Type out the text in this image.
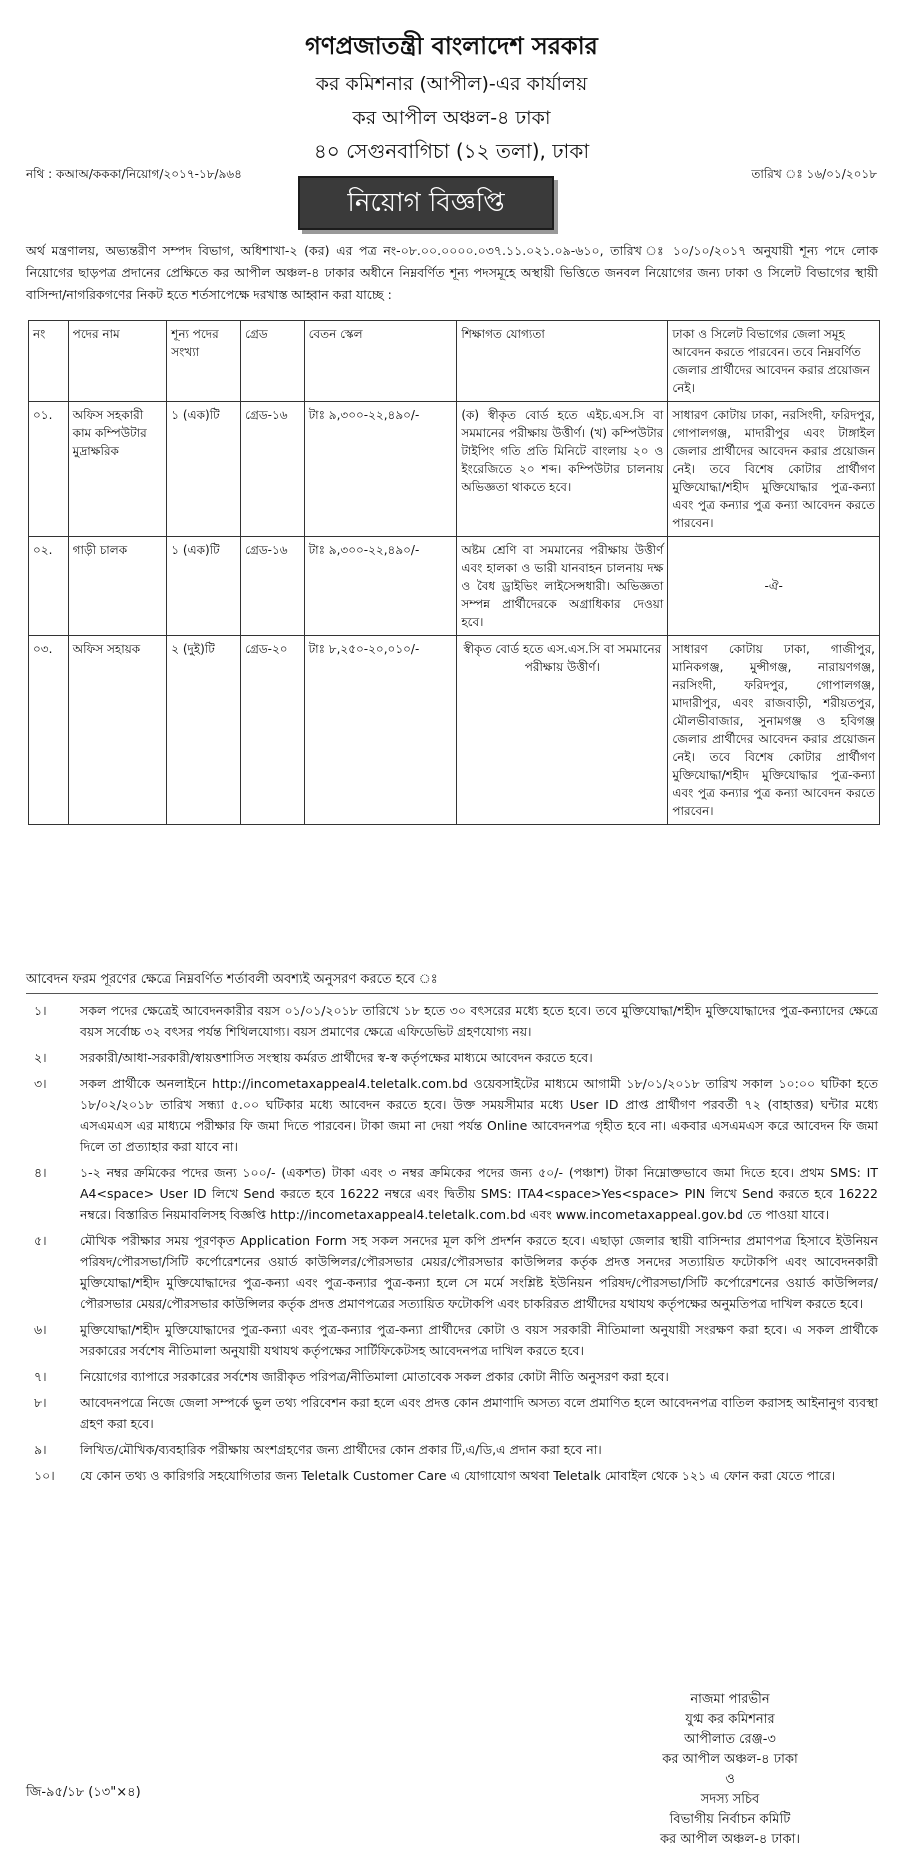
গণপ্রজাতন্ত্রী বাংলাদেশ সরকার
কর কমিশনার (আপীল)-এর কার্যালয়
কর আপীল অঞ্চল-৪ ঢাকা
৪০ সেগুনবাগিচা (১২ তলা), ঢাকা
নথি : কআঅ/কককা/নিয়োগ/২০১৭-১৮/৯৬৪	তারিখ ঃ ১৬/০১/২০১৮
নিয়োগ বিজ্ঞপ্তি
অর্থ মন্ত্রণালয়, অভ্যন্তরীণ সম্পদ বিভাগ, অধিশাখা-২ (কর) এর পত্র নং-০৮.০০.০০০০.০৩৭.১১.০২১.০৯-৬১০, তারিখ ঃ ১০/১০/২০১৭ অনুযায়ী শূন্য পদে লোক নিয়োগের ছাড়পত্র প্রদানের প্রেক্ষিতে কর আপীল অঞ্চল-৪ ঢাকার অধীনে নিম্নবর্ণিত শূন্য পদসমূহে অস্থায়ী ভিত্তিতে জনবল নিয়োগের জন্য ঢাকা ও সিলেট বিভাগের স্থায়ী বাসিন্দা/নাগরিকগণের নিকট হতে শর্তসাপেক্ষে দরখাস্ত আহ্বান করা যাচ্ছে :
নং	পদের নাম	শূন্য পদের সংখ্যা	গ্রেড	বেতন স্কেল	শিক্ষাগত যোগ্যতা	ঢাকা ও সিলেট বিভাগের জেলা সমূহ আবেদন করতে পারবেন। তবে নিম্নবর্ণিত জেলার প্রার্থীদের আবেদন করার প্রয়োজন নেই।
০১.	অফিস সহকারী কাম কম্পিউটার মুদ্রাক্ষরিক	১ (এক)টি	গ্রেড-১৬	টাঃ ৯,৩০০-২২,৪৯০/-	(ক) স্বীকৃত বোর্ড হতে এইচ.এস.সি বা সমমানের পরীক্ষায় উত্তীর্ণ। (খ) কম্পিউটার টাইপিং গতি প্রতি মিনিটে বাংলায় ২০ ও ইংরেজিতে ২০ শব্দ। কম্পিউটার চালনায় অভিজ্ঞতা থাকতে হবে।	সাধারণ কোটায় ঢাকা, নরসিংদী, ফরিদপুর, গোপালগঞ্জ, মাদারীপুর এবং টাঙ্গাইল জেলার প্রার্থীদের আবেদন করার প্রয়োজন নেই। তবে বিশেষ কোটার প্রার্থীগণ মুক্তিযোদ্ধা/শহীদ মুক্তিযোদ্ধার পুত্র-কন্যা এবং পুত্র কন্যার পুত্র কন্যা আবেদন করতে পারবেন।
০২.	গাড়ী চালক	১ (এক)টি	গ্রেড-১৬	টাঃ ৯,৩০০-২২,৪৯০/-	অষ্টম শ্রেণি বা সমমানের পরীক্ষায় উত্তীর্ণ এবং হালকা ও ভারী যানবাহন চালনায় দক্ষ ও বৈধ ড্রাইভিং লাইসেন্সধারী। অভিজ্ঞতা সম্পন্ন প্রার্থীদেরকে অগ্রাধিকার দেওয়া হবে।	-ঐ-
০৩.	অফিস সহায়ক	২ (দুই)টি	গ্রেড-২০	টাঃ ৮,২৫০-২০,০১০/-	স্বীকৃত বোর্ড হতে এস.এস.সি বা সমমানের পরীক্ষায় উত্তীর্ণ।	সাধারণ কোটায় ঢাকা, গাজীপুর, মানিকগঞ্জ, মুন্সীগঞ্জ, নারায়ণগঞ্জ, নরসিংদী, ফরিদপুর, গোপালগঞ্জ, মাদারীপুর, এবং রাজবাড়ী, শরীয়তপুর, মৌলভীবাজার, সুনামগঞ্জ ও হবিগঞ্জ জেলার প্রার্থীদের আবেদন করার প্রয়োজন নেই। তবে বিশেষ কোটার প্রার্থীগণ মুক্তিযোদ্ধা/শহীদ মুক্তিযোদ্ধার পুত্র-কন্যা এবং পুত্র কন্যার পুত্র কন্যা আবেদন করতে পারবেন।
আবেদন ফরম পূরণের ক্ষেত্রে নিম্নবর্ণিত শর্তাবলী অবশ্যই অনুসরণ করতে হবে ঃ
১।	সকল পদের ক্ষেত্রেই আবেদনকারীর বয়স ০১/০১/২০১৮ তারিখে ১৮ হতে ৩০ বৎসরের মধ্যে হতে হবে। তবে মুক্তিযোদ্ধা/শহীদ মুক্তিযোদ্ধাদের পুত্র-কন্যাদের ক্ষেত্রে বয়স সর্বোচ্চ ৩২ বৎসর পর্যন্ত শিথিলযোগ্য। বয়স প্রমাণের ক্ষেত্রে এফিডেভিট গ্রহণযোগ্য নয়।
২।	সরকারী/আধা-সরকারী/স্বায়ত্তশাসিত সংস্থায় কর্মরত প্রার্থীদের স্ব-স্ব কর্তৃপক্ষের মাধ্যমে আবেদন করতে হবে।
৩।	সকল প্রার্থীকে অনলাইনে http://incometaxappeal4.teletalk.com.bd ওয়েবসাইটের মাধ্যমে আগামী ১৮/০১/২০১৮ তারিখ সকাল ১০:০০ ঘটিকা হতে ১৮/০২/২০১৮ তারিখ সন্ধ্যা ৫.০০ ঘটিকার মধ্যে আবেদন করতে হবে। উক্ত সময়সীমার মধ্যে User ID প্রাপ্ত প্রার্থীগণ পরবর্তী ৭২ (বাহাত্তর) ঘন্টার মধ্যে এসএমএস এর মাধ্যমে পরীক্ষার ফি জমা দিতে পারবেন। টাকা জমা না দেয়া পর্যন্ত Online আবেদনপত্র গৃহীত হবে না। একবার এসএমএস করে আবেদন ফি জমা দিলে তা প্রত্যাহার করা যাবে না।
৪।	১-২ নম্বর ক্রমিকের পদের জন্য ১০০/- (একশত) টাকা এবং ৩ নম্বর ক্রমিকের পদের জন্য ৫০/- (পঞ্চাশ) টাকা নিম্নোক্তভাবে জমা দিতে হবে। প্রথম SMS: IT A4<space> User ID লিখে Send করতে হবে 16222 নম্বরে এবং দ্বিতীয় SMS: ITA4<space>Yes<space> PIN লিখে Send করতে হবে 16222 নম্বরে। বিস্তারিত নিয়মাবলিসহ বিজ্ঞপ্তি http://incometaxappeal4.teletalk.com.bd এবং www.incometaxappeal.gov.bd তে পাওয়া যাবে।
৫।	মৌখিক পরীক্ষার সময় পূরণকৃত Application Form সহ সকল সনদের মূল কপি প্রদর্শন করতে হবে। এছাড়া জেলার স্থায়ী বাসিন্দার প্রমাণপত্র হিসাবে ইউনিয়ন পরিষদ/পৌরসভা/সিটি কর্পোরেশনের ওয়ার্ড কাউন্সিলর/পৌরসভার মেয়র/পৌরসভার কাউন্সিলর কর্তৃক প্রদত্ত সনদের সত্যায়িত ফটোকপি এবং আবেদনকারী মুক্তিযোদ্ধা/শহীদ মুক্তিযোদ্ধাদের পুত্র-কন্যা এবং পুত্র-কন্যার পুত্র-কন্যা হলে সে মর্মে সংশ্লিষ্ট ইউনিয়ন পরিষদ/পৌরসভা/সিটি কর্পোরেশনের ওয়ার্ড কাউন্সিলর/পৌরসভার মেয়র/পৌরসভার কাউন্সিলর কর্তৃক প্রদত্ত প্রমাণপত্রের সত্যায়িত ফটোকপি এবং চাকরিরত প্রার্থীদের যথাযথ কর্তৃপক্ষের অনুমতিপত্র দাখিল করতে হবে।
৬।	মুক্তিযোদ্ধা/শহীদ মুক্তিযোদ্ধাদের পুত্র-কন্যা এবং পুত্র-কন্যার পুত্র-কন্যা প্রার্থীদের কোটা ও বয়স সরকারী নীতিমালা অনুযায়ী সংরক্ষণ করা হবে। এ সকল প্রার্থীকে সরকারের সর্বশেষ নীতিমালা অনুযায়ী যথাযথ কর্তৃপক্ষের সার্টিফিকেটসহ আবেদনপত্র দাখিল করতে হবে।
৭।	নিয়োগের ব্যাপারে সরকারের সর্বশেষ জারীকৃত পরিপত্র/নীতিমালা মোতাবেক সকল প্রকার কোটা নীতি অনুসরণ করা হবে।
৮।	আবেদনপত্রে নিজে জেলা সম্পর্কে ভুল তথ্য পরিবেশন করা হলে এবং প্রদত্ত কোন প্রমাণাদি অসত্য বলে প্রমাণিত হলে আবেদনপত্র বাতিল করাসহ আইনানুগ ব্যবস্থা গ্রহণ করা হবে।
৯।	লিখিত/মৌখিক/ব্যবহারিক পরীক্ষায় অংশগ্রহণের জন্য প্রার্থীদের কোন প্রকার টি,এ/ডি,এ প্রদান করা হবে না।
১০।	যে কোন তথ্য ও কারিগরি সহযোগিতার জন্য Teletalk Customer Care এ যোগাযোগ অথবা Teletalk মোবাইল থেকে ১২১ এ ফোন করা যেতে পারে।
নাজমা পারভীন
যুগ্ম কর কমিশনার
আপীলাত রেঞ্জ-৩
কর আপীল অঞ্চল-৪ ঢাকা
ও
সদস্য সচিব
বিভাগীয় নির্বাচন কমিটি
কর আপীল অঞ্চল-৪ ঢাকা।
জি-৯৫/১৮ (১৩"×৪)
